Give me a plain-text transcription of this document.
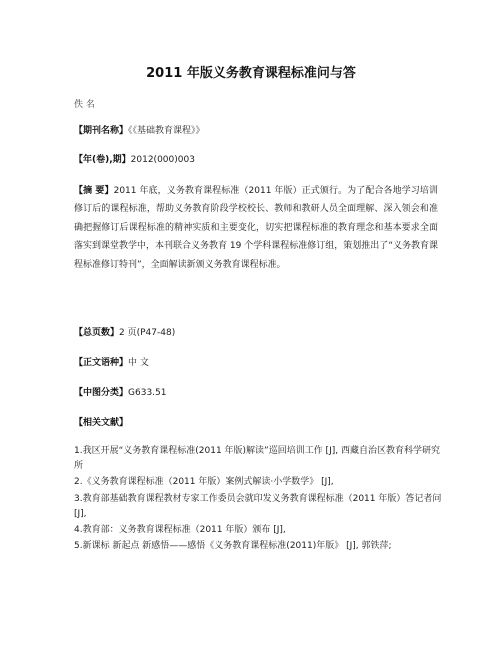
2011 年版义务教育课程标准问与答
佚 名
【期刊名称】《《基础教育课程》》
【年(卷),期】2012(000)003
【摘 要】2011 年底，义务教育课程标准（2011 年版）正式颁行。为了配合各地学习培训修订后的课程标准，帮助义务教育阶段学校校长、教师和教研人员全面理解、深入领会和准确把握修订后课程标准的精神实质和主要变化，切实把课程标准的教育理念和基本要求全面落实到课堂教学中，本刊联合义务教育 19 个学科课程标准修订组，策划推出了“义务教育课程标准修订特刊”，全面解读新颁义务教育课程标准。
【总页数】2 页(P47-48)
【正文语种】中 文
【中图分类】G633.51
【相关文献】
1.我区开展“义务教育课程标准(2011 年版)解读”巡回培训工作 [J], 西藏自治区教育科学研究所
2.《义务教育课程标准（2011 年版）案例式解读·小学数学》 [J],
3.教育部基础教育课程教材专家工作委员会就印发义务教育课程标准（2011 年版）答记者问 [J],
4.教育部：义务教育课程标准（2011 年版）颁布 [J],
5.新课标 新起点 新感悟——感悟《义务教育课程标准(2011)年版》 [J], 郭铁萍;
